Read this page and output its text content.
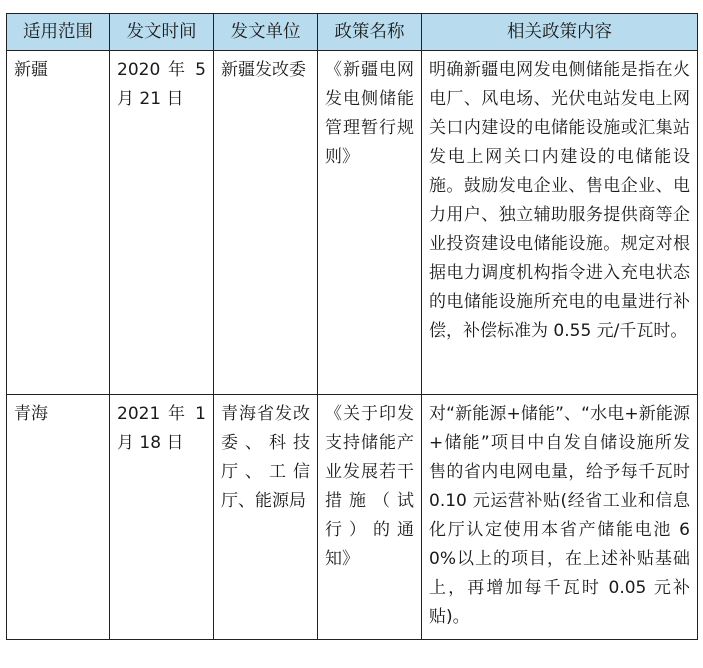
适用范围	发文时间	发文单位	政策名称	相关政策内容
新疆	2020 年 5 月 21 日	新疆发改委	《新疆电网发电侧储能管理暂行规则》	明确新疆电网发电侧储能是指在火电厂、风电场、光伏电站发电上网关口内建设的电储能设施或汇集站发电上网关口内建设的电储能设施。鼓励发电企业、售电企业、电力用户、独立辅助服务提供商等企业投资建设电储能设施。规定对根据电力调度机构指令进入充电状态的电储能设施所充电的电量进行补偿，补偿标准为 0.55 元/千瓦时。
青海	2021 年 1 月 18 日	青海省发改委、科技厅、工信厅、能源局	《关于印发支持储能产业发展若干措施（试行）的通知》	对“新能源+储能”、“水电+新能源+储能”项目中自发自储设施所发售的省内电网电量，给予每千瓦时 0.10 元运营补贴(经省工业和信息化厅认定使用本省产储能电池 60%以上的项目，在上述补贴基础上，再增加每千瓦时 0.05 元补贴)。
